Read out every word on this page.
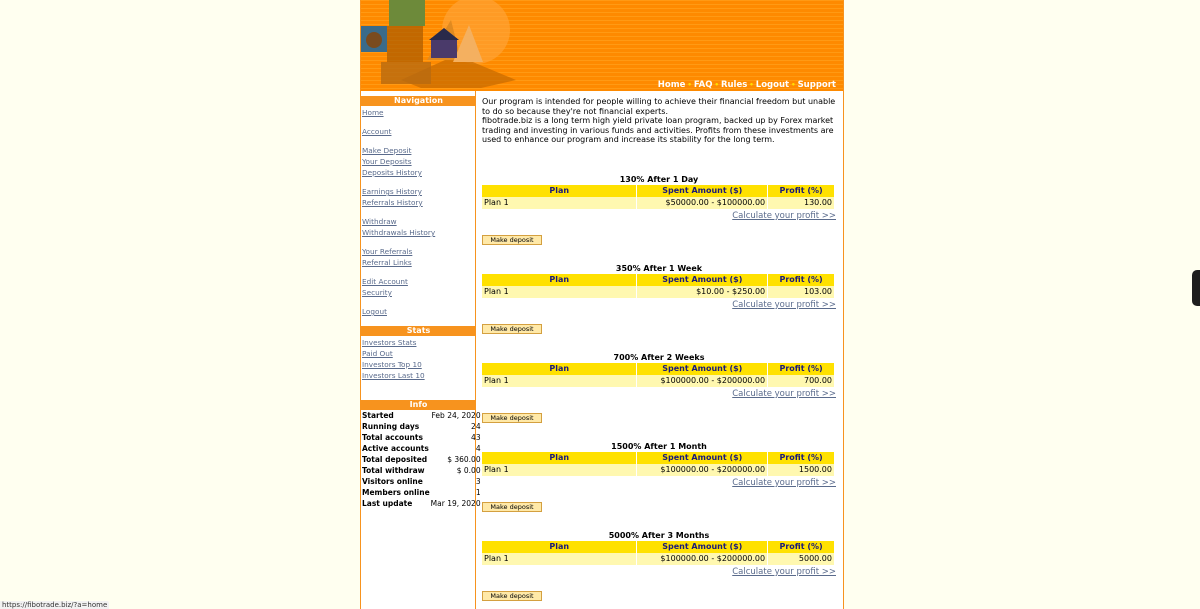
Home • FAQ • Rules • Logout • Support
Navigation
Home
Account
Make Deposit
Your Deposits
Deposits History
Earnings History
Referrals History
Withdraw
Withdrawals History
Your Referrals
Referral Links
Edit Account
Security
Logout
Stats
Investors Stats
Paid Out
Investors Top 10
Investors Last 10
Info
Started	Feb 24, 2020
Running days	24
Total accounts	43
Active accounts	4
Total deposited	$ 360.00
Total withdraw	$ 0.00
Visitors online	3
Members online	1
Last update	Mar 19, 2020

Our program is intended for people willing to achieve their financial freedom but unable to do so because they're not financial experts.
fibotrade.biz is a long term high yield private loan program, backed up by Forex market trading and investing in various funds and activities. Profits from these investments are used to enhance our program and increase its stability for the long term.

130% After 1 Day
Plan	Spent Amount ($)	Profit (%)
Plan 1	$50000.00 - $100000.00	130.00
Calculate your profit >>
Make deposit
350% After 1 Week
Plan	Spent Amount ($)	Profit (%)
Plan 1	$10.00 - $250.00	103.00
Calculate your profit >>
Make deposit
700% After 2 Weeks
Plan	Spent Amount ($)	Profit (%)
Plan 1	$100000.00 - $200000.00	700.00
Calculate your profit >>
Make deposit
1500% After 1 Month
Plan	Spent Amount ($)	Profit (%)
Plan 1	$100000.00 - $200000.00	1500.00
Calculate your profit >>
Make deposit
5000% After 3 Months
Plan	Spent Amount ($)	Profit (%)
Plan 1	$100000.00 - $200000.00	5000.00
Calculate your profit >>
Make deposit
https://fibotrade.biz/?a=home
